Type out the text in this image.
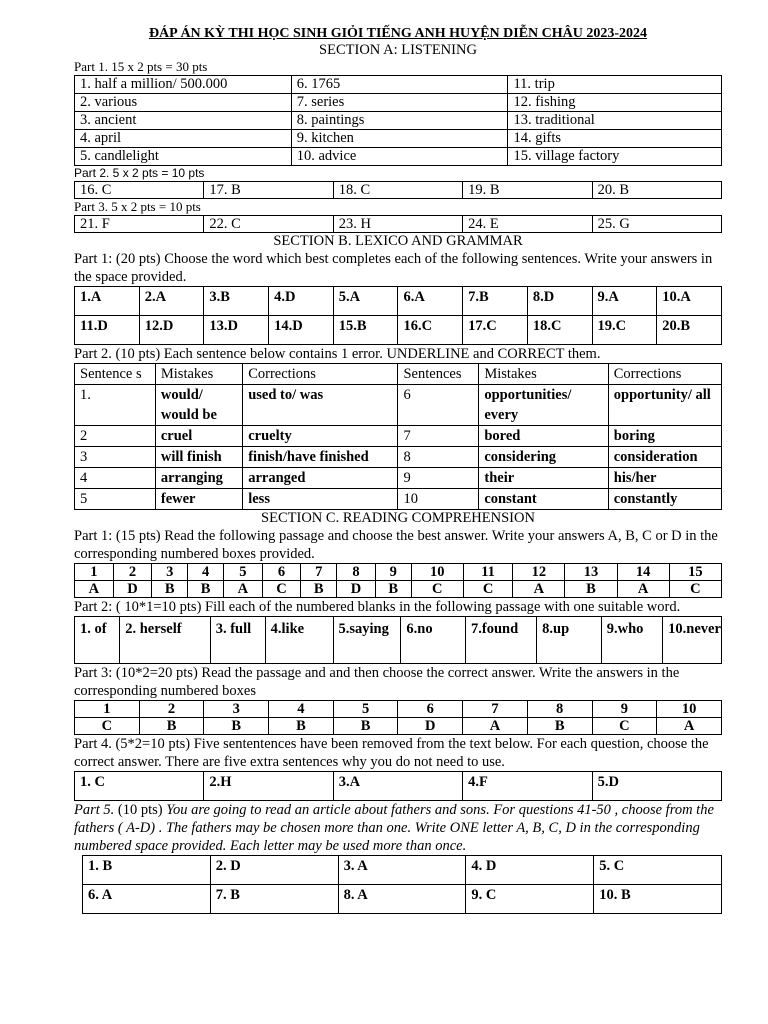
ĐÁP ÁN KỲ THI HỌC SINH GIỎI TIẾNG ANH HUYỆN DIỄN CHÂU 2023-2024
SECTION A: LISTENING
Part 1. 15 x 2 pts = 30 pts
1. half a million/ 500.000	6. 1765	11. trip
2. various	7. series	12. fishing
3. ancient	8. paintings	13. traditional
4. april	9. kitchen	14. gifts
5. candlelight	10. advice	15. village factory
Part 2. 5 x 2 pts = 10 pts
16. C	17. B	18. C	19. B	20. B
Part 3. 5 x 2 pts = 10 pts
21. F	22. C	23. H	24. E	25. G
SECTION B. LEXICO AND GRAMMAR
Part 1: (20 pts) Choose the word which best completes each of the following sentences. Write your answers in the space provided.
1.A	2.A	3.B	4.D	5.A	6.A	7.B	8.D	9.A	10.A
11.D	12.D	13.D	14.D	15.B	16.C	17.C	18.C	19.C	20.B
Part 2. (10 pts) Each sentence below contains 1 error. UNDERLINE and CORRECT them.
Sentence s	Mistakes	Corrections	Sentences	Mistakes	Corrections
1.	would/ would be	used to/ was	6	opportunities/ every	opportunity/ all
2	cruel	cruelty	7	bored	boring
3	will finish	finish/have finished	8	considering	consideration
4	arranging	arranged	9	their	his/her
5	fewer	less	10	constant	constantly
SECTION C. READING COMPREHENSION
Part 1: (15 pts) Read the following passage and choose the best answer. Write your answers A, B, C or D in the corresponding numbered boxes provided.
1	2	3	4	5	6	7	8	9	10	11	12	13	14	15
A	D	B	B	A	C	B	D	B	C	C	A	B	A	C
Part 2: ( 10*1=10 pts) Fill each of the numbered blanks in the following passage with one suitable word.
1. of	2. herself	3. full	4.like	5.saying	6.no	7.found	8.up	9.who	10.never
Part 3: (10*2=20 pts) Read the passage and and then choose the correct answer. Write the answers in the corresponding numbered boxes
1	2	3	4	5	6	7	8	9	10
C	B	B	B	B	D	A	B	C	A
Part 4. (5*2=10 pts) Five sententences have been removed from the text below. For each question, choose the correct answer. There are five extra sentences why you do not need to use.
1. C	2.H	3.A	4.F	5.D
Part 5. (10 pts) You are going to read an article about fathers and sons. For questions 41-50 , choose from the fathers ( A-D) . The fathers may be chosen more than one. Write ONE letter A, B, C, D in the corresponding numbered space provided. Each letter may be used more than once.
1. B	2. D	3. A	4. D	5. C
6. A	7. B	8. A	9. C	10. B
